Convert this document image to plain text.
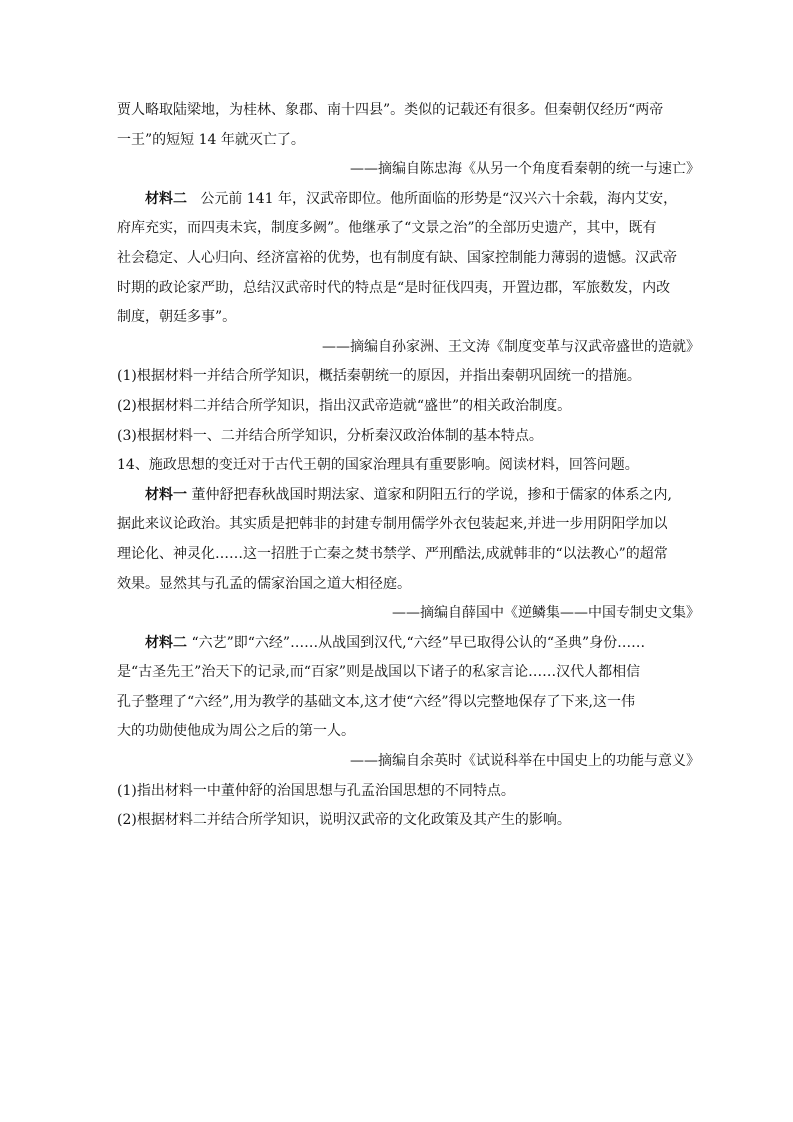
贾人略取陆梁地，为桂林、象郡、南十四县”。类似的记载还有很多。但秦朝仅经历“两帝

一王”的短短 14 年就灭亡了。

——摘编自陈忠海《从另一个角度看秦朝的统一与速亡》

材料二 公元前 141 年，汉武帝即位。他所面临的形势是“汉兴六十余载，海内艾安，

府库充实，而四夷未宾，制度多阙”。他继承了“文景之治”的全部历史遗产，其中，既有

社会稳定、人心归向、经济富裕的优势，也有制度有缺、国家控制能力薄弱的遗憾。汉武帝

时期的政论家严助，总结汉武帝时代的特点是“是时征伐四夷，开置边郡，军旅数发，内改

制度，朝廷多事”。

——摘编自孙家洲、王文涛《制度变革与汉武帝盛世的造就》

(1)根据材料一并结合所学知识，概括秦朝统一的原因，并指出秦朝巩固统一的措施。

(2)根据材料二并结合所学知识，指出汉武帝造就“盛世”的相关政治制度。

(3)根据材料一、二并结合所学知识，分析秦汉政治体制的基本特点。

14、施政思想的变迁对于古代王朝的国家治理具有重要影响。阅读材料，回答问题。

材料一 董仲舒把春秋战国时期法家、道家和阴阳五行的学说，掺和于儒家的体系之内,

据此来议论政治。其实质是把韩非的封建专制用儒学外衣包装起来,并进一步用阴阳学加以

理论化、神灵化……这一招胜于亡秦之焚书禁学、严刑酷法,成就韩非的“以法教心”的超常

效果。显然其与孔孟的儒家治国之道大相径庭。

——摘编自薛国中《逆鳞集——中国专制史文集》

材料二 “六艺”即“六经”……从战国到汉代,“六经”早已取得公认的“圣典”身份……

是“古圣先王”治天下的记录,而“百家”则是战国以下诸子的私家言论……汉代人都相信

孔子整理了“六经”,用为教学的基础文本,这才使“六经”得以完整地保存了下来,这一伟

大的功勋使他成为周公之后的第一人。

——摘编自余英时《试说科举在中国史上的功能与意义》

(1)指出材料一中董仲舒的治国思想与孔孟治国思想的不同特点。

(2)根据材料二并结合所学知识，说明汉武帝的文化政策及其产生的影响。
